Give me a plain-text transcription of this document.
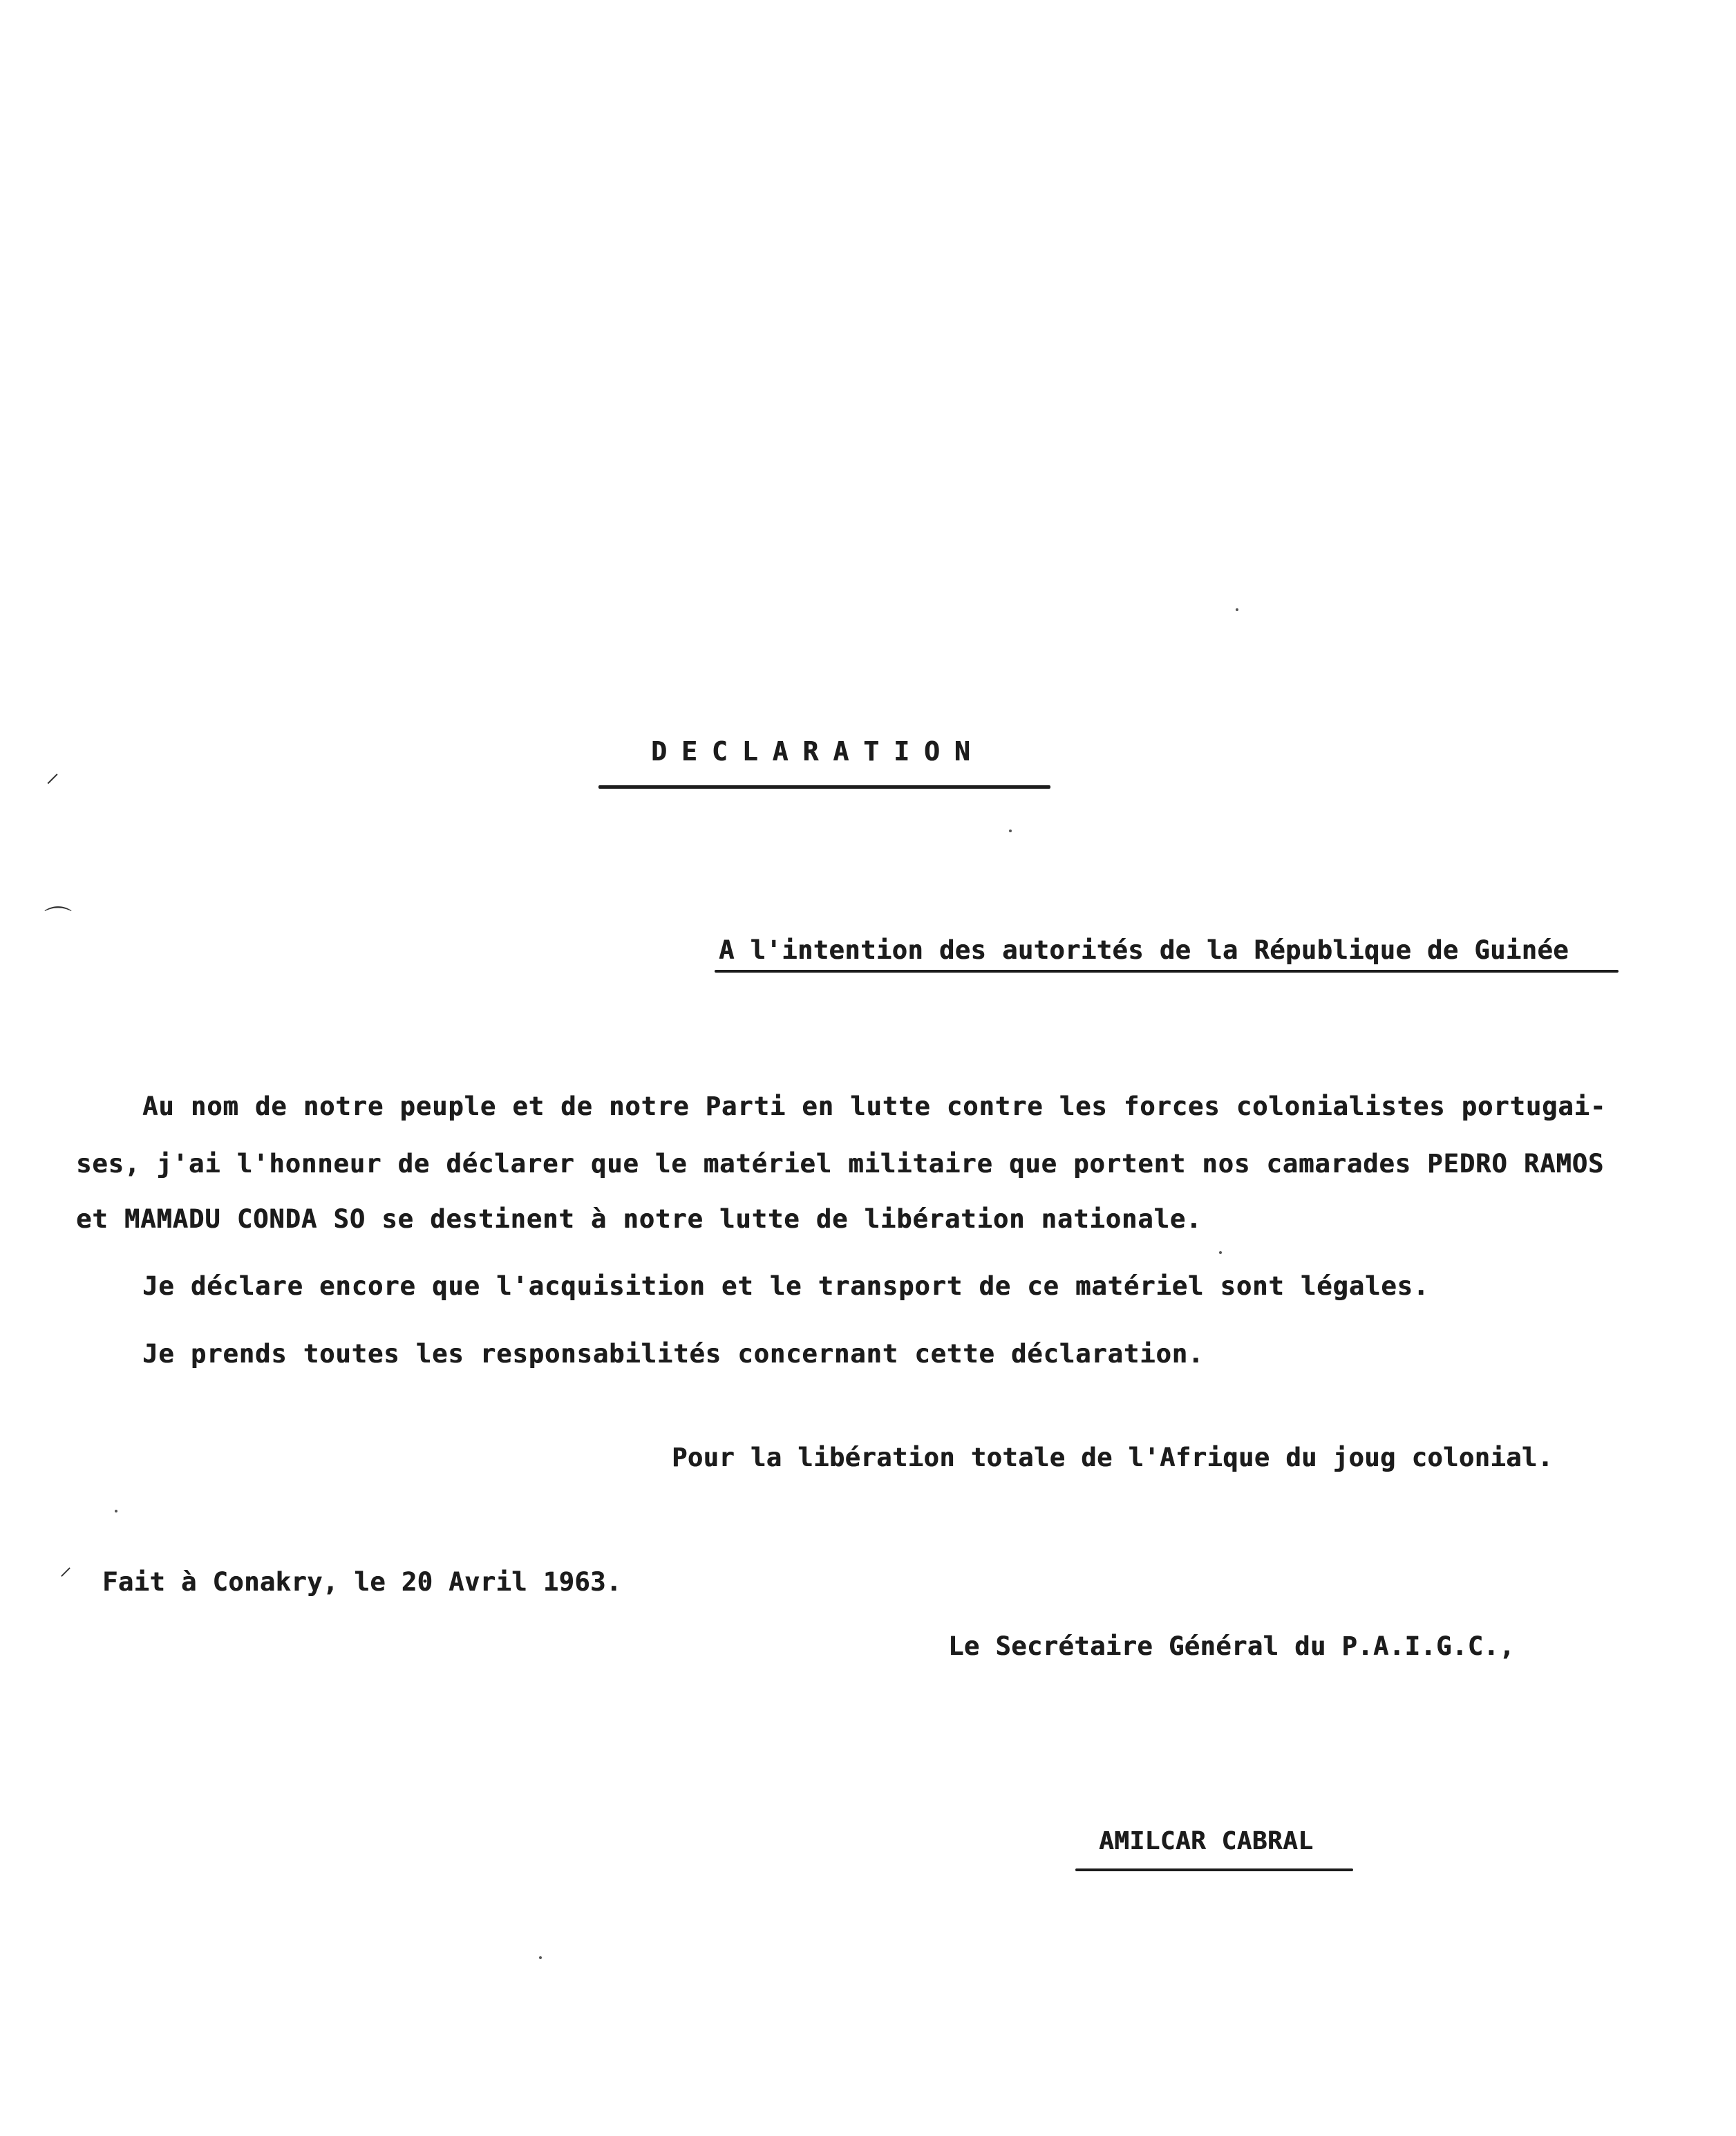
DECLARATION
A l'intention des autorités de la République de Guinée
Au nom de notre peuple et de notre Parti en lutte contre les forces colonialistes portugai-
ses, j'ai l'honneur de déclarer que le matériel militaire que portent nos camarades PEDRO RAMOS
et MAMADU CONDA SO se destinent à notre lutte de libération nationale.
Je déclare encore que l'acquisition et le transport de ce matériel sont légales.
Je prends toutes les responsabilités concernant cette déclaration.
Pour la libération totale de l'Afrique du joug colonial.
Fait à Conakry, le 20 Avril 1963.
Le Secrétaire Général du P.A.I.G.C.,
AMILCAR CABRAL
⸝
⌒
⸝
